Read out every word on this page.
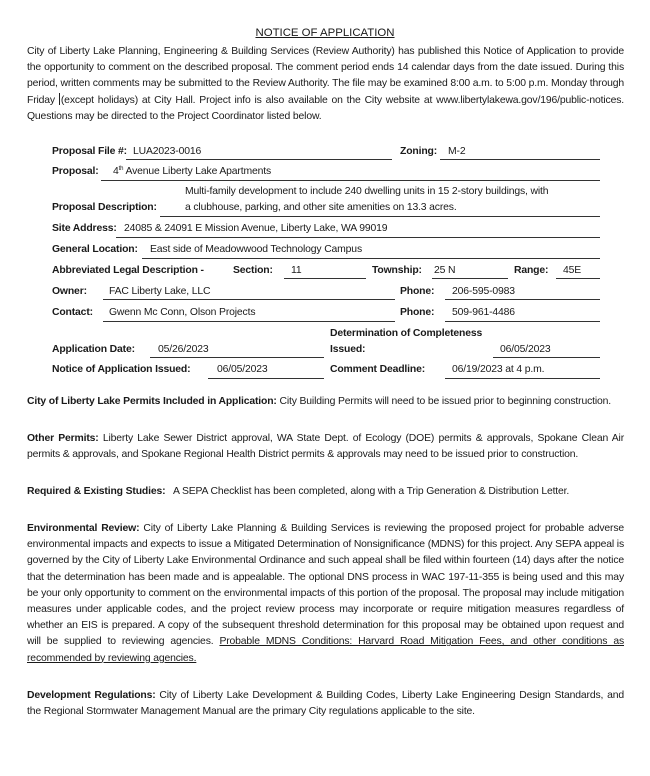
NOTICE OF APPLICATION
City of Liberty Lake Planning, Engineering & Building Services (Review Authority) has published this Notice of Application to provide the opportunity to comment on the described proposal. The comment period ends 14 calendar days from the date issued. During this period, written comments may be submitted to the Review Authority. The file may be examined 8:00 a.m. to 5:00 p.m. Monday through Friday (except holidays) at City Hall. Project info is also available on the City website at www.libertylakewa.gov/196/public-notices. Questions may be directed to the Project Coordinator listed below.
Proposal File #: LUA2023-0016	Zoning: M-2
Proposal: 4th Avenue Liberty Lake Apartments
Multi-family development to include 240 dwelling units in 15 2-story buildings, with
Proposal Description:	a clubhouse, parking, and other site amenities on 13.3 acres.
Site Address: 24085 & 24091 E Mission Avenue, Liberty Lake, WA 99019
General Location: East side of Meadowwood Technology Campus
Abbreviated Legal Description -	Section: 11	Township: 25 N	Range: 45E
Owner: FAC Liberty Lake, LLC	Phone: 206-595-0983
Contact: Gwenn Mc Conn, Olson Projects	Phone: 509-961-4486
Determination of Completeness
Application Date: 05/26/2023	Issued:	06/05/2023
Notice of Application Issued:	06/05/2023	Comment Deadline:	06/19/2023 at 4 p.m.
City of Liberty Lake Permits Included in Application: City Building Permits will need to be issued prior to beginning construction.
Other Permits: Liberty Lake Sewer District approval, WA State Dept. of Ecology (DOE) permits & approvals, Spokane Clean Air permits & approvals, and Spokane Regional Health District permits & approvals may need to be issued prior to construction.
Required & Existing Studies:   A SEPA Checklist has been completed, along with a Trip Generation & Distribution Letter.
Environmental Review: City of Liberty Lake Planning & Building Services is reviewing the proposed project for probable adverse environmental impacts and expects to issue a Mitigated Determination of Nonsignificance (MDNS) for this project. Any SEPA appeal is governed by the City of Liberty Lake Environmental Ordinance and such appeal shall be filed within fourteen (14) days after the notice that the determination has been made and is appealable. The optional DNS process in WAC 197-11-355 is being used and this may be your only opportunity to comment on the environmental impacts of this portion of the proposal. The proposal may include mitigation measures under applicable codes, and the project review process may incorporate or require mitigation measures regardless of whether an EIS is prepared. A copy of the subsequent threshold determination for this proposal may be obtained upon request and will be supplied to reviewing agencies. Probable MDNS Conditions: Harvard Road Mitigation Fees, and other conditions as recommended by reviewing agencies.
Development Regulations: City of Liberty Lake Development & Building Codes, Liberty Lake Engineering Design Standards, and the Regional Stormwater Management Manual are the primary City regulations applicable to the site.
